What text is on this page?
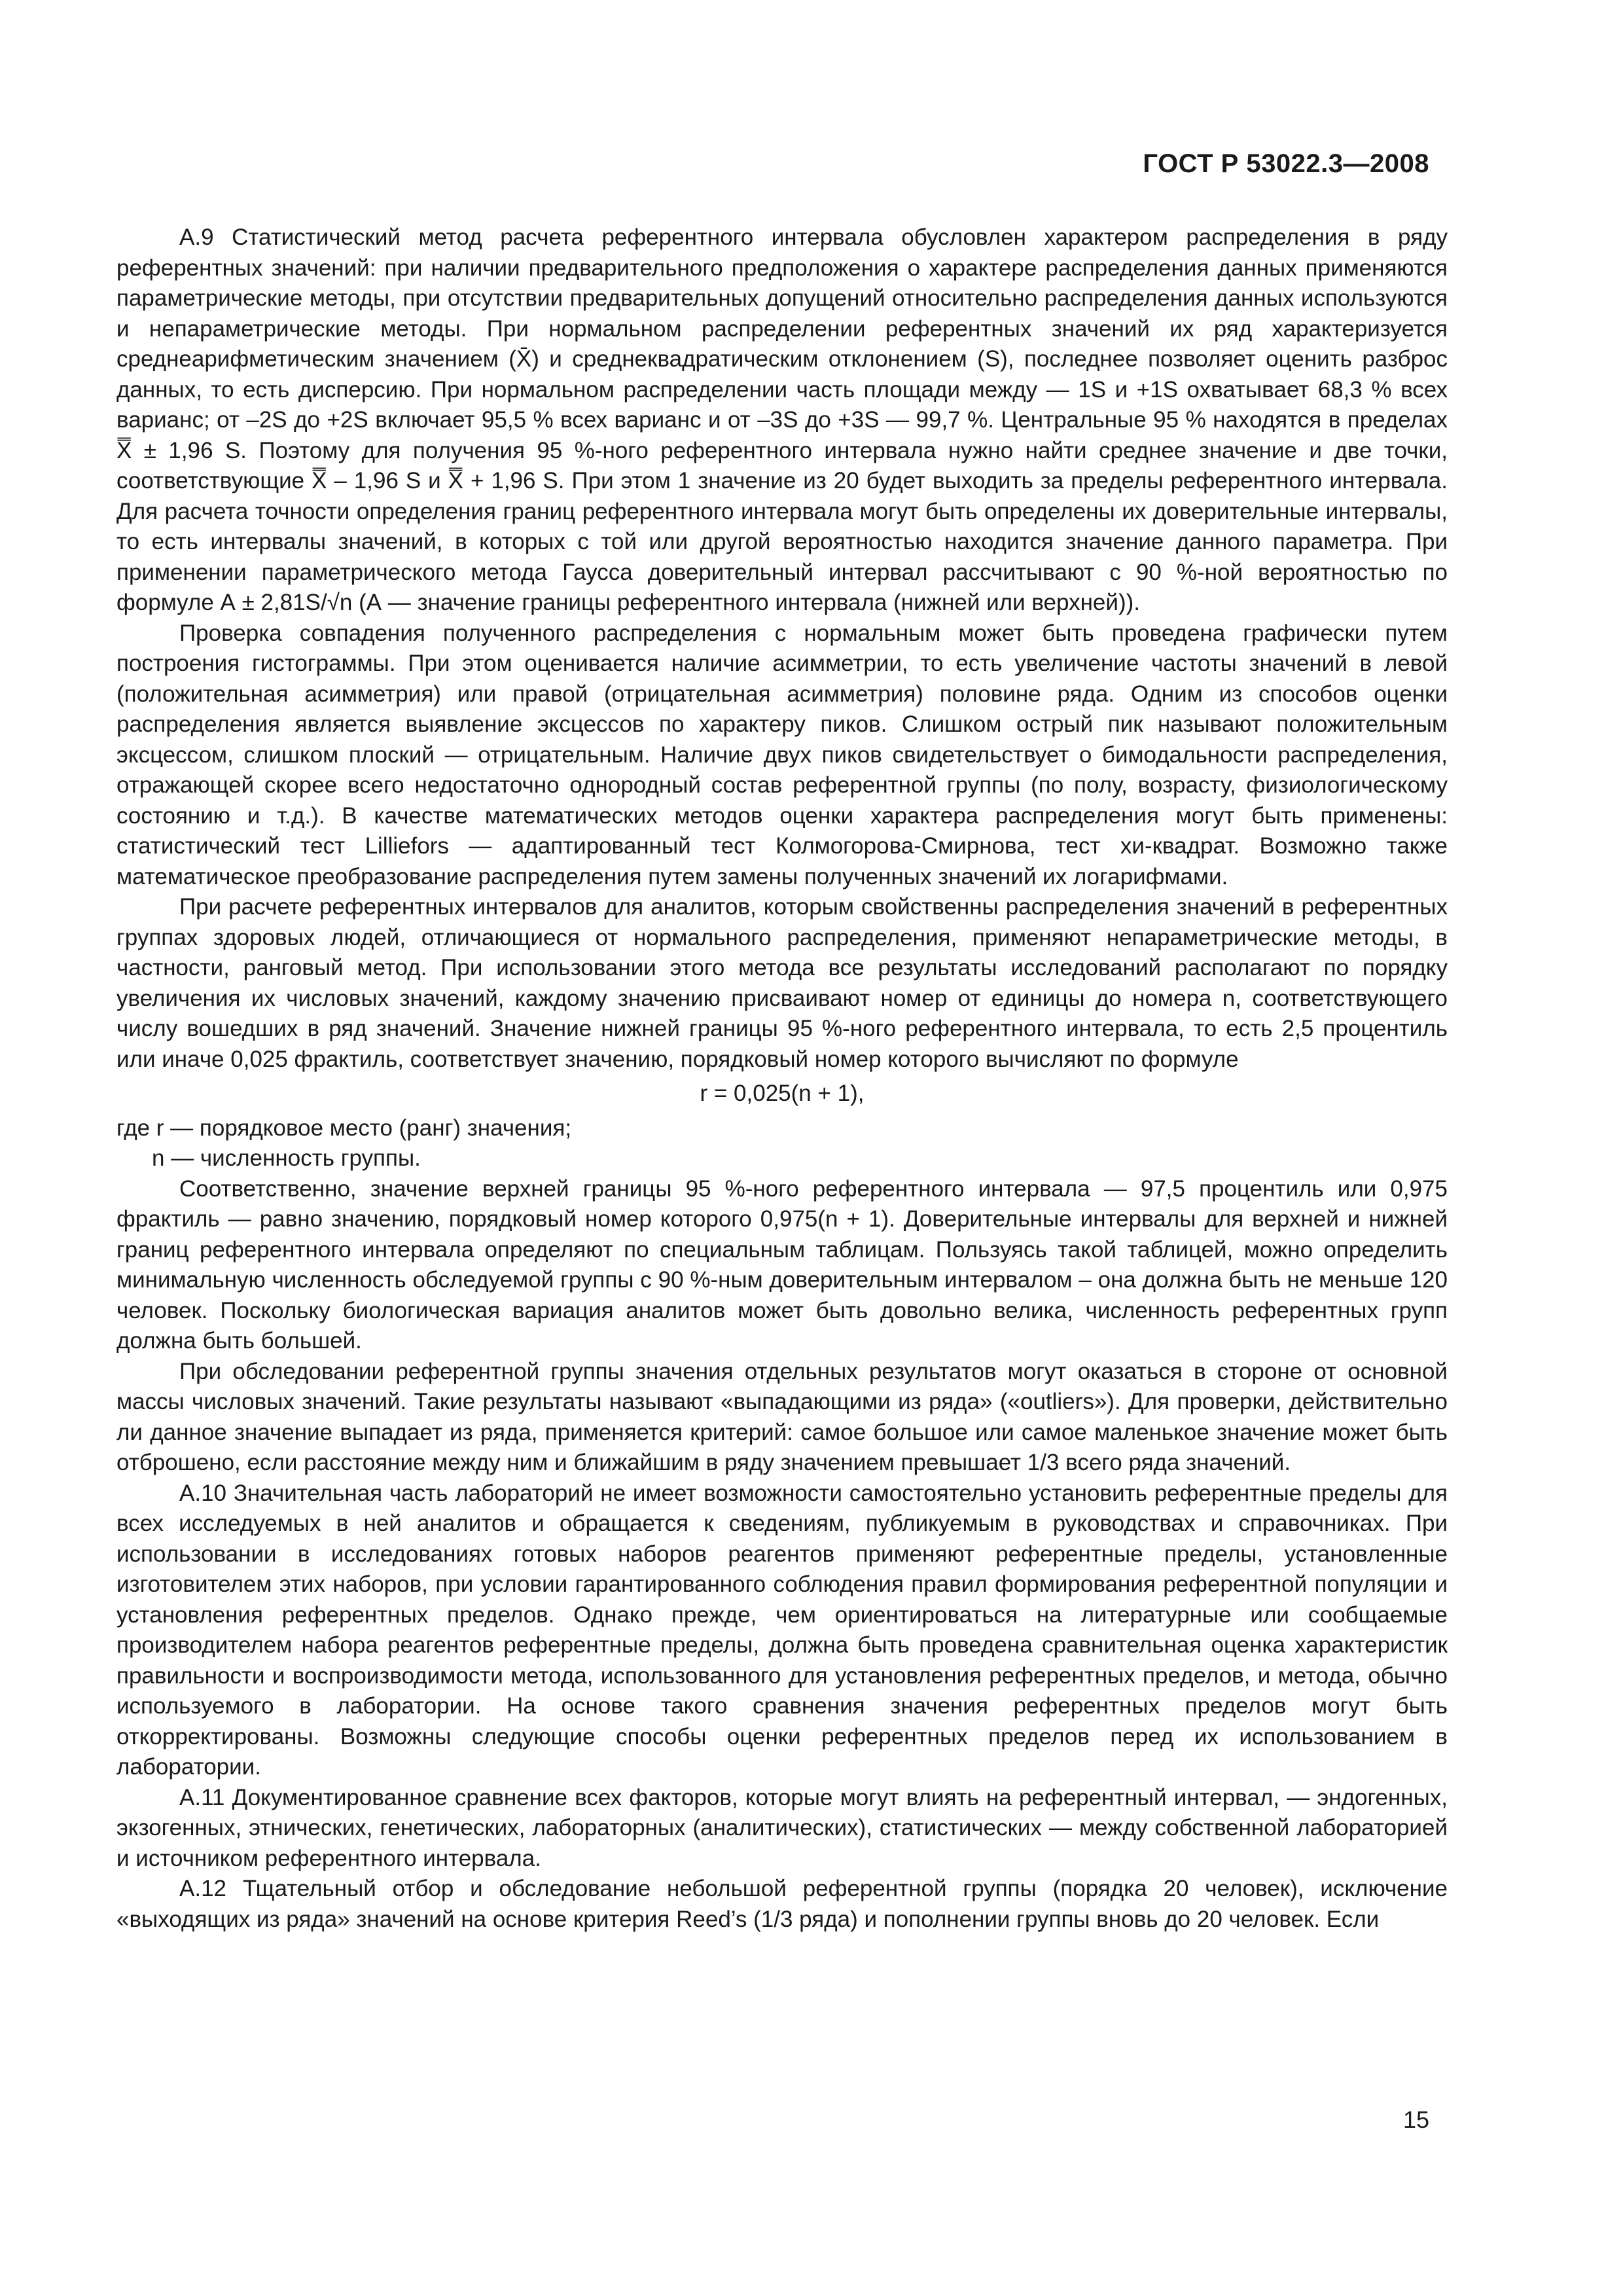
ГОСТ Р 53022.3—2008

А.9 Статистический метод расчета референтного интервала обусловлен характером распределения в ряду референтных значений: при наличии предварительного предположения о характере распределения данных применяются параметрические методы, при отсутствии предварительных допущений относительно распределения данных используются и непараметрические методы. При нормальном распределении референтных значений их ряд характеризуется среднеарифметическим значением (X̄) и среднеквадратическим отклонением (S), последнее позволяет оценить разброс данных, то есть дисперсию. При нормальном распределении часть площади между — 1S и +1S охватывает 68,3 % всех варианс; от –2S до +2S включает 95,5 % всех варианс и от –3S до +3S — 99,7 %. Центральные 95 % находятся в пределах X̿ ± 1,96 S. Поэтому для получения 95 %-ного референтного интервала нужно найти среднее значение и две точки, соответствующие X̿ – 1,96 S и X̿ + 1,96 S. При этом 1 значение из 20 будет выходить за пределы референтного интервала. Для расчета точности определения границ референтного интервала могут быть определены их доверительные интервалы, то есть интервалы значений, в которых с той или другой вероятностью находится значение данного параметра. При применении параметрического метода Гаусса доверительный интервал рассчитывают с 90 %-ной вероятностью по формуле А ± 2,81S/√n (А — значение границы референтного интервала (нижней или верхней)).

Проверка совпадения полученного распределения с нормальным может быть проведена графически путем построения гистограммы. При этом оценивается наличие асимметрии, то есть увеличение частоты значений в левой (положительная асимметрия) или правой (отрицательная асимметрия) половине ряда. Одним из способов оценки распределения является выявление эксцессов по характеру пиков. Слишком острый пик называют положительным эксцессом, слишком плоский — отрицательным. Наличие двух пиков свидетельствует о бимодальности распределения, отражающей скорее всего недостаточно однородный состав референтной группы (по полу, возрасту, физиологическому состоянию и т.д.). В качестве математических методов оценки характера распределения могут быть применены: статистический тест Lilliefors — адаптированный тест Колмогорова-Смирнова, тест хи-квадрат. Возможно также математическое преобразование распределения путем замены полученных значений их логарифмами.

При расчете референтных интервалов для аналитов, которым свойственны распределения значений в референтных группах здоровых людей, отличающиеся от нормального распределения, применяют непараметрические методы, в частности, ранговый метод. При использовании этого метода все результаты исследований располагают по порядку увеличения их числовых значений, каждому значению присваивают номер от единицы до номера n, соответствующего числу вошедших в ряд значений. Значение нижней границы 95 %-ного референтного интервала, то есть 2,5 процентиль или иначе 0,025 фрактиль, соответствует значению, порядковый номер которого вычисляют по формуле

r = 0,025(n + 1),

где r — порядковое место (ранг) значения;

n — численность группы.

Соответственно, значение верхней границы 95 %-ного референтного интервала — 97,5 процентиль или 0,975 фрактиль — равно значению, порядковый номер которого 0,975(n + 1). Доверительные интервалы для верхней и нижней границ референтного интервала определяют по специальным таблицам. Пользуясь такой таблицей, можно определить минимальную численность обследуемой группы с 90 %-ным доверительным интервалом – она должна быть не меньше 120 человек. Поскольку биологическая вариация аналитов может быть довольно велика, численность референтных групп должна быть большей.

При обследовании референтной группы значения отдельных результатов могут оказаться в стороне от основной массы числовых значений. Такие результаты называют «выпадающими из ряда» («outliers»). Для проверки, действительно ли данное значение выпадает из ряда, применяется критерий: самое большое или самое маленькое значение может быть отброшено, если расстояние между ним и ближайшим в ряду значением превышает 1/3 всего ряда значений.

А.10 Значительная часть лабораторий не имеет возможности самостоятельно установить референтные пределы для всех исследуемых в ней аналитов и обращается к сведениям, публикуемым в руководствах и справочниках. При использовании в исследованиях готовых наборов реагентов применяют референтные пределы, установленные изготовителем этих наборов, при условии гарантированного соблюдения правил формирования референтной популяции и установления референтных пределов. Однако прежде, чем ориентироваться на литературные или сообщаемые производителем набора реагентов референтные пределы, должна быть проведена сравнительная оценка характеристик правильности и воспроизводимости метода, использованного для установления референтных пределов, и метода, обычно используемого в лаборатории. На основе такого сравнения значения референтных пределов могут быть откорректированы. Возможны следующие способы оценки референтных пределов перед их использованием в лаборатории.

А.11 Документированное сравнение всех факторов, которые могут влиять на референтный интервал, — эндогенных, экзогенных, этнических, генетических, лабораторных (аналитических), статистических — между собственной лабораторией и источником референтного интервала.

А.12 Тщательный отбор и обследование небольшой референтной группы (порядка 20 человек), исключение «выходящих из ряда» значений на основе критерия Reed’s (1/3 ряда) и пополнении группы вновь до 20 человек. Если

15
